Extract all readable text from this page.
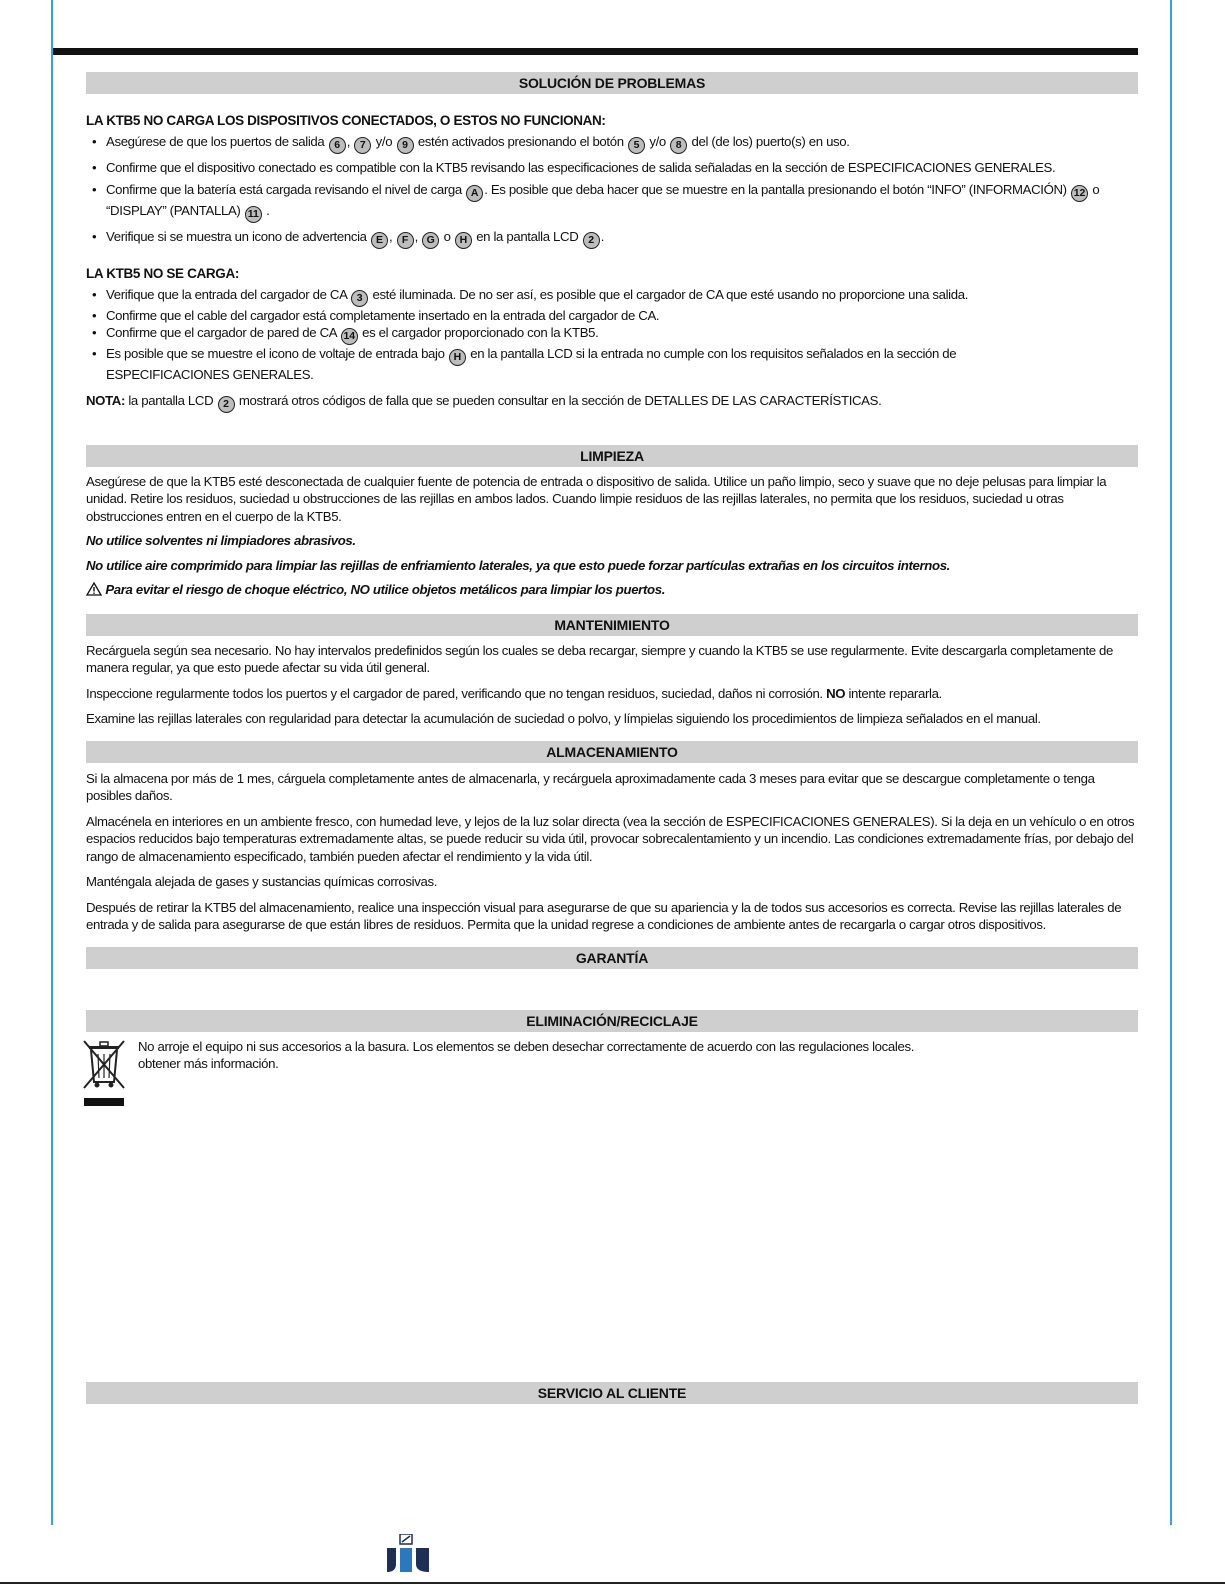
SOLUCIÓN DE PROBLEMAS

LA KTB5 NO CARGA LOS DISPOSITIVOS CONECTADOS, O ESTOS NO FUNCIONAN:

• Asegúrese de que los puertos de salida 6 , 7 y/o 9 estén activados presionando el botón 5 y/o 8 del (de los) puerto(s) en uso.
• Confirme que el dispositivo conectado es compatible con la KTB5 revisando las especificaciones de salida señaladas en la sección de ESPECIFICACIONES GENERALES.
• Confirme que la batería está cargada revisando el nivel de carga A . Es posible que deba hacer que se muestre en la pantalla presionando el botón “INFO” (INFORMACIÓN) 12 o “DISPLAY” (PANTALLA) 11 .
• Verifique si se muestra un icono de advertencia E , F , G o H en la pantalla LCD 2 .

LA KTB5 NO SE CARGA:

• Verifique que la entrada del cargador de CA 3 esté iluminada. De no ser así, es posible que el cargador de CA que esté usando no proporcione una salida.
• Confirme que el cable del cargador está completamente insertado en la entrada del cargador de CA.
• Confirme que el cargador de pared de CA 14 es el cargador proporcionado con la KTB5.
• Es posible que se muestre el icono de voltaje de entrada bajo H en la pantalla LCD si la entrada no cumple con los requisitos señalados en la sección de ESPECIFICACIONES GENERALES.

NOTA: la pantalla LCD 2 mostrará otros códigos de falla que se pueden consultar en la sección de DETALLES DE LAS CARACTERÍSTICAS.

LIMPIEZA

Asegúrese de que la KTB5 esté desconectada de cualquier fuente de potencia de entrada o dispositivo de salida. Utilice un paño limpio, seco y suave que no deje pelusas para limpiar la unidad. Retire los residuos, suciedad u obstrucciones de las rejillas en ambos lados. Cuando limpie residuos de las rejillas laterales, no permita que los residuos, suciedad u otras obstrucciones entren en el cuerpo de la KTB5.

No utilice solventes ni limpiadores abrasivos.

No utilice aire comprimido para limpiar las rejillas de enfriamiento laterales, ya que esto puede forzar partículas extrañas en los circuitos internos.

Para evitar el riesgo de choque eléctrico, NO utilice objetos metálicos para limpiar los puertos.

MANTENIMIENTO

Recárguela según sea necesario. No hay intervalos predefinidos según los cuales se deba recargar, siempre y cuando la KTB5 se use regularmente. Evite descargarla completamente de manera regular, ya que esto puede afectar su vida útil general.

Inspeccione regularmente todos los puertos y el cargador de pared, verificando que no tengan residuos, suciedad, daños ni corrosión. NO intente repararla.

Examine las rejillas laterales con regularidad para detectar la acumulación de suciedad o polvo, y límpielas siguiendo los procedimientos de limpieza señalados en el manual.

ALMACENAMIENTO

Si la almacena por más de 1 mes, cárguela completamente antes de almacenarla, y recárguela aproximadamente cada 3 meses para evitar que se descargue completamente o tenga posibles daños.

Almacénela en interiores en un ambiente fresco, con humedad leve, y lejos de la luz solar directa (vea la sección de ESPECIFICACIONES GENERALES). Si la deja en un vehículo o en otros espacios reducidos bajo temperaturas extremadamente altas, se puede reducir su vida útil, provocar sobrecalentamiento y un incendio. Las condiciones extremadamente frías, por debajo del rango de almacenamiento especificado, también pueden afectar el rendimiento y la vida útil.

Manténgala alejada de gases y sustancias químicas corrosivas.

Después de retirar la KTB5 del almacenamiento, realice una inspección visual para asegurarse de que su apariencia y la de todos sus accesorios es correcta. Revise las rejillas laterales de entrada y de salida para asegurarse de que están libres de residuos. Permita que la unidad regrese a condiciones de ambiente antes de recargarla o cargar otros dispositivos.

GARANTÍA
ELIMINACIÓN/RECICLAJE

No arroje el equipo ni sus accesorios a la basura. Los elementos se deben desechar correctamente de acuerdo con las regulaciones locales.

obtener más información.

SERVICIO AL CLIENTE
